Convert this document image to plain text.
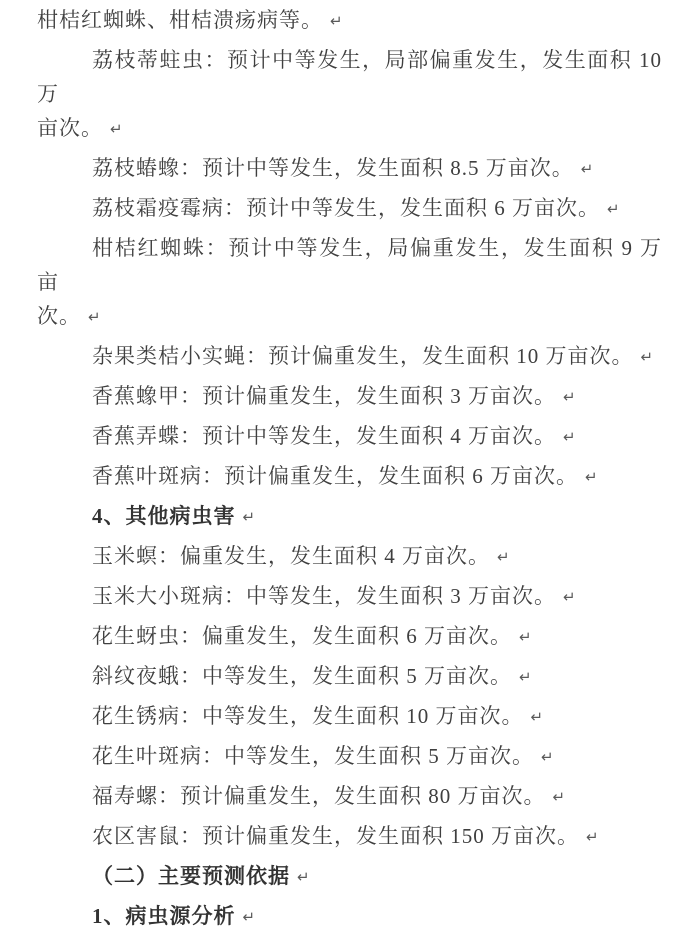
柑桔红蜘蛛、柑桔溃疡病等。 ↵
荔枝蒂蛀虫：预计中等发生，局部偏重发生，发生面积 10 万
亩次。 ↵
荔枝蝽蟓：预计中等发生，发生面积 8.5 万亩次。 ↵
荔枝霜疫霉病：预计中等发生，发生面积 6 万亩次。 ↵
柑桔红蜘蛛：预计中等发生，局偏重发生，发生面积 9 万亩
次。 ↵
杂果类桔小实蝇：预计偏重发生，发生面积 10 万亩次。 ↵
香蕉蟓甲：预计偏重发生，发生面积 3 万亩次。 ↵
香蕉弄蝶：预计中等发生，发生面积 4 万亩次。 ↵
香蕉叶斑病：预计偏重发生，发生面积 6 万亩次。 ↵
4、其他病虫害 ↵
玉米螟：偏重发生，发生面积 4 万亩次。 ↵
玉米大小斑病：中等发生，发生面积 3 万亩次。 ↵
花生蚜虫：偏重发生，发生面积 6 万亩次。 ↵
斜纹夜蛾：中等发生，发生面积 5 万亩次。 ↵
花生锈病：中等发生，发生面积 10 万亩次。 ↵
花生叶斑病：中等发生，发生面积 5 万亩次。 ↵
福寿螺：预计偏重发生，发生面积 80 万亩次。 ↵
农区害鼠：预计偏重发生，发生面积 150 万亩次。 ↵
（二）主要预测依据 ↵
1、病虫源分析 ↵
